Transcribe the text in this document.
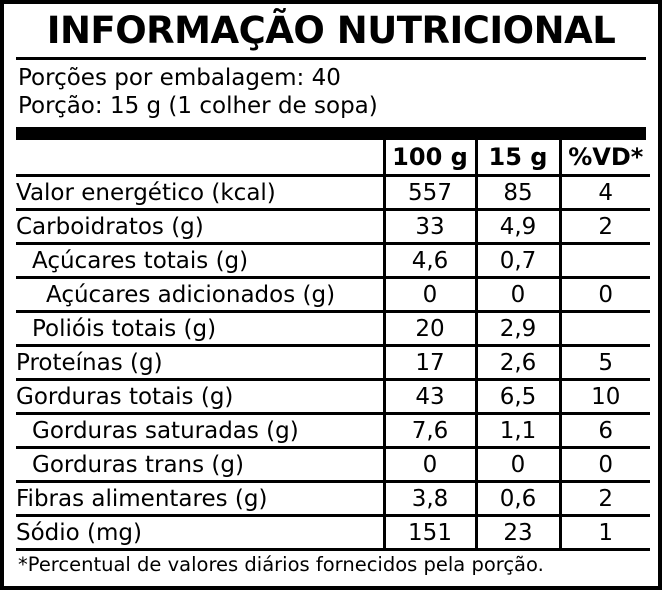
INFORMAÇÃO NUTRICIONAL
Porções por embalagem: 40
Porção: 15 g (1 colher de sopa)
	100 g	15 g	%VD*
Valor energético (kcal)	557	85	4
Carboidratos (g)	33	4,9	2
Açúcares totais (g)	4,6	0,7	
Açúcares adicionados (g)	0	0	0
Polióis totais (g)	20	2,9	
Proteínas (g)	17	2,6	5
Gorduras totais (g)	43	6,5	10
Gorduras saturadas (g)	7,6	1,1	6
Gorduras trans (g)	0	0	0
Fibras alimentares (g)	3,8	0,6	2
Sódio (mg)	151	23	1
*Percentual de valores diários fornecidos pela porção.
